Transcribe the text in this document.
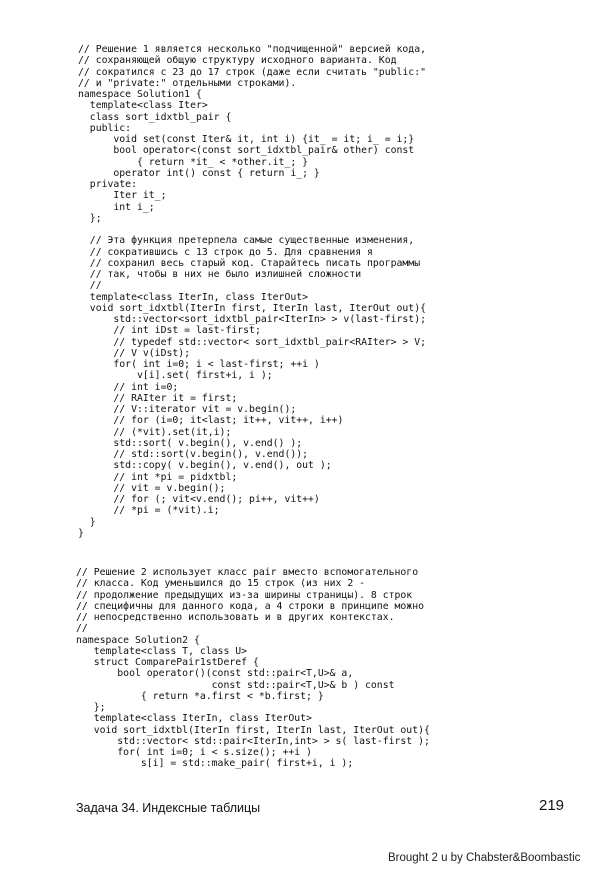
// Решение 1 является несколько "подчищенной" версией кода,
// сохраняющей общую структуру исходного варианта. Код
// сократился с 23 до 17 строк (даже если считать "public:"
// и "private:" отдельными строками).
namespace Solution1 {
template<class Iter>
class sort_idxtbl_pair {
public:
void set(const Iter& it, int i) {it_ = it; i_ = i;}
bool operator<(const sort_idxtbl_pair& other) const
{ return *it_ < *other.it_; }
operator int() const { return i_; }
private:
Iter it_;
int i_;
};

// Эта функция претерпела самые существенные изменения,
// сократившись с 13 строк до 5. Для сравнения я
// сохранил весь старый код. Старайтесь писать программы
// так, чтобы в них не было излишней сложности
//
template<class IterIn, class IterOut>
void sort_idxtbl(IterIn first, IterIn last, IterOut out){
std::vector<sort_idxtbl_pair<IterIn> > v(last-first);
// int iDst = last-first;
// typedef std::vector< sort_idxtbl_pair<RAIter> > V;
// V v(iDst);
for( int i=0; i < last-first; ++i )
v[i].set( first+i, i );
// int i=0;
// RAIter it = first;
// V::iterator vit = v.begin();
// for (i=0; it<last; it++, vit++, i++)
// (*vit).set(it,i);
std::sort( v.begin(), v.end() );
// std::sort(v.begin(), v.end());
std::copy( v.begin(), v.end(), out );
// int *pi = pidxtbl;
// vit = v.begin();
// for (; vit<v.end(); pi++, vit++)
// *pi = (*vit).i;
}
}
// Решение 2 использует класс pair вместо вспомогательного
// класса. Код уменьшился до 15 строк (из них 2 -
// продолжение предыдущих из-за ширины страницы). 8 строк
// специфичны для данного кода, а 4 строки в принципе можно
// непосредственно использовать и в других контекстах.
//
namespace Solution2 {
template<class T, class U>
struct ComparePair1stDeref {
bool operator()(const std::pair<T,U>& a,
const std::pair<T,U>& b ) const
{ return *a.first < *b.first; }
};
template<class IterIn, class IterOut>
void sort_idxtbl(IterIn first, IterIn last, IterOut out){
std::vector< std::pair<IterIn,int> > s( last-first );
for( int i=0; i < s.size(); ++i )
s[i] = std::make_pair( first+i, i );
Задача 34. Индексные таблицы	219
Brought 2 u by Chabster&Boombastic
